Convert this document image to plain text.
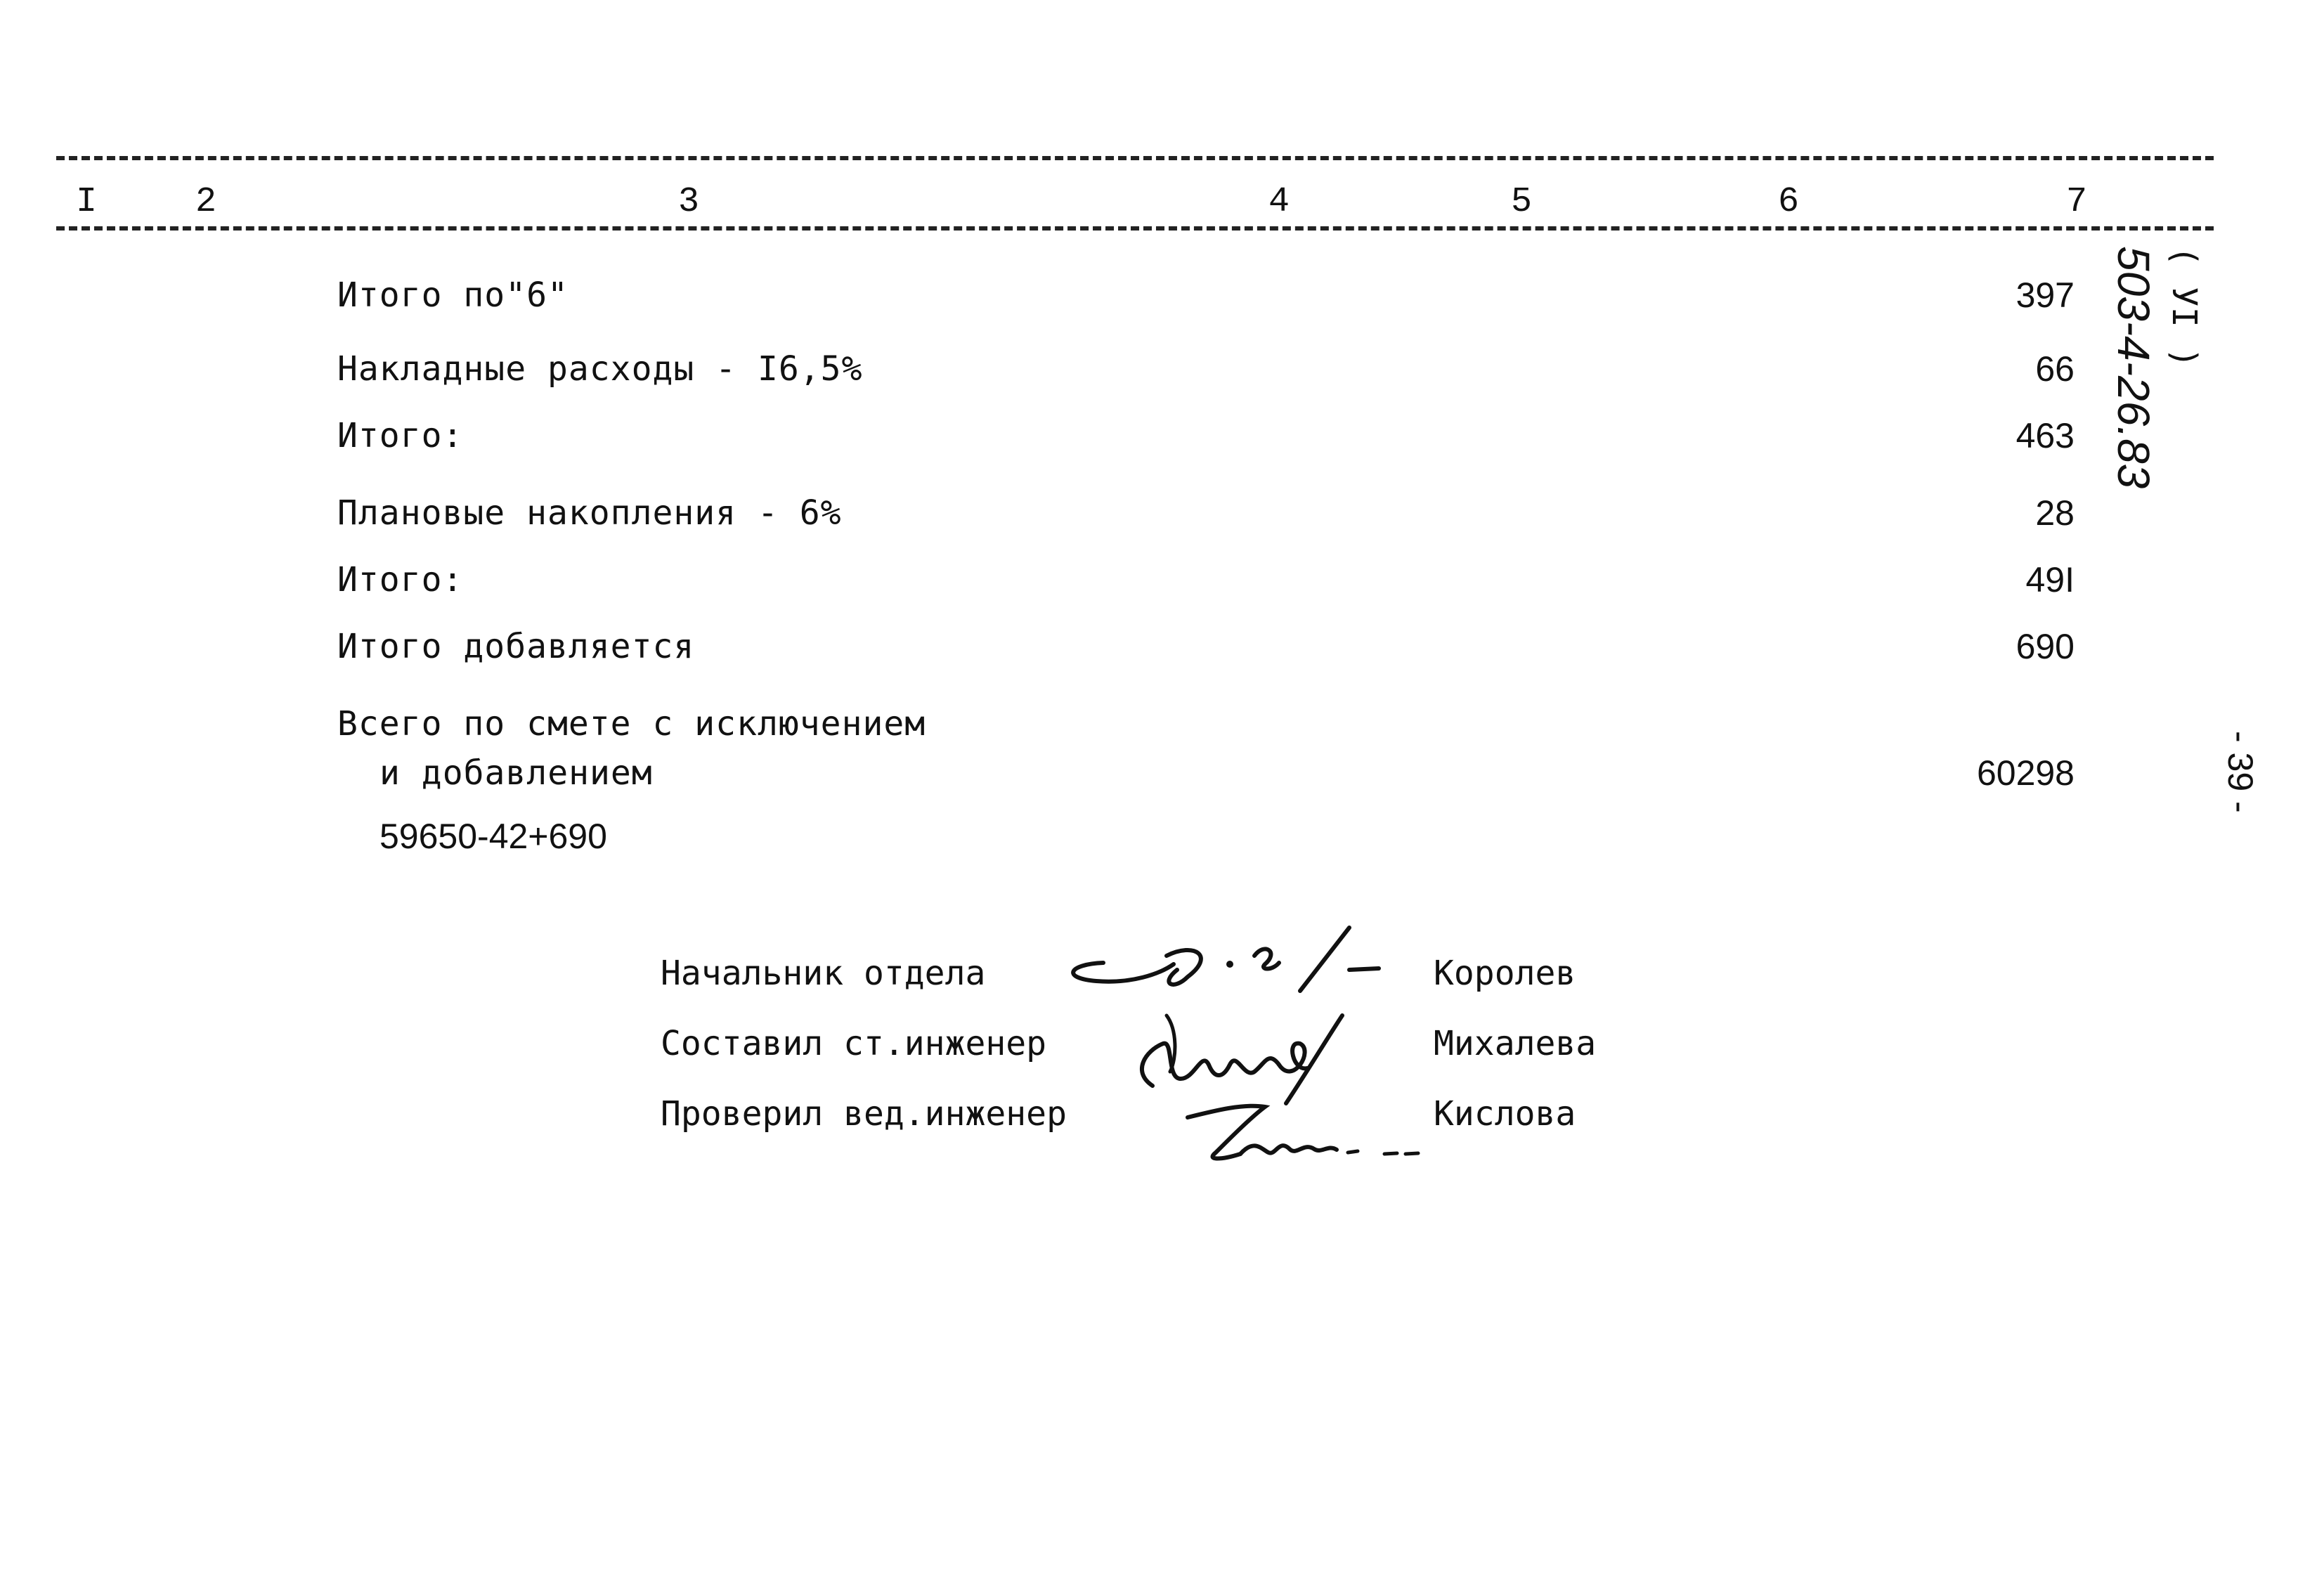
I	2	3	4	5	6	7
Итого по"6"	397
Накладные расходы - I6,5%	66
Итого:	463
Плановые накопления - 6%	28
Итого:	49I
Итого добавляется	690
Всего по смете с исключением
и добавлением	60298
59650-42+690
( УI )
503-4-26.83
- 39 -
Начальник отдела	Королев
Составил ст.инженер	Михалева
Проверил вед.инженер	Кислова
